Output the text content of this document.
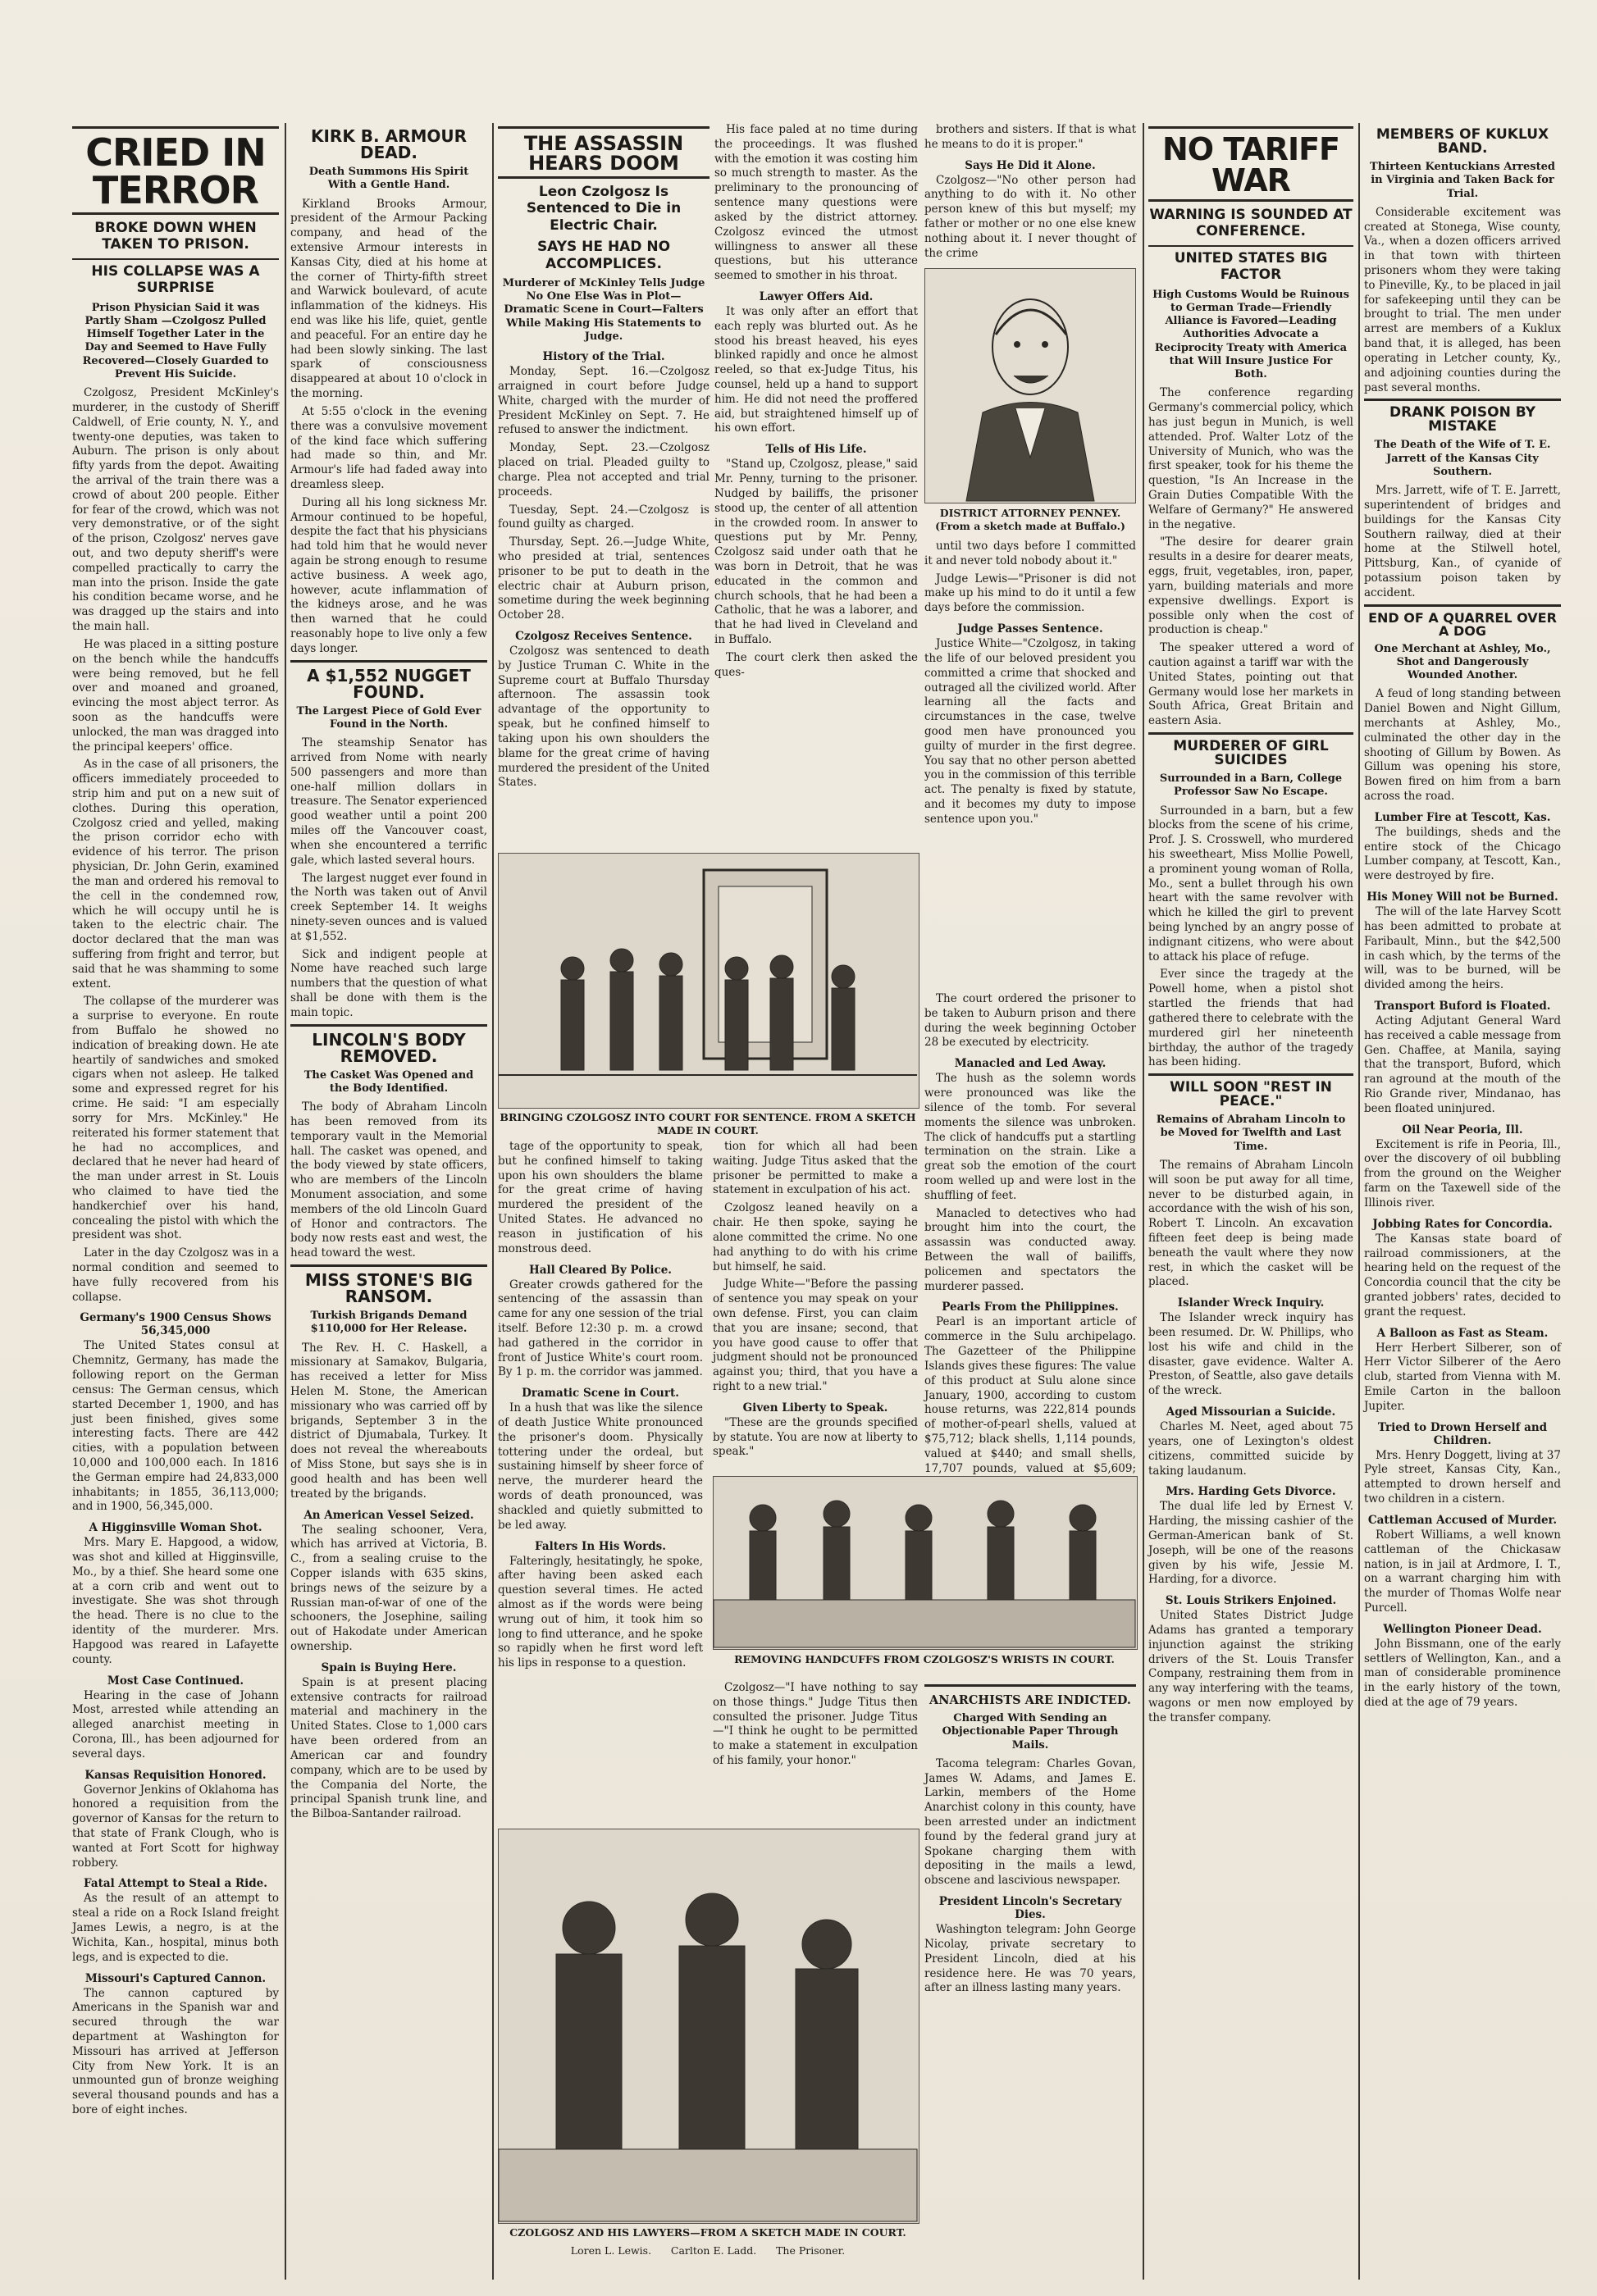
CRIED IN TERROR
BROKE DOWN WHEN TAKEN TO PRISON.
HIS COLLAPSE WAS A SURPRISE
Prison Physician Said it was Partly Sham —Czolgosz Pulled Himself Together Later in the Day and Seemed to Have Fully Recovered—Closely Guarded to Prevent His Suicide.

Czolgosz, President McKinley's murderer, in the custody of Sheriff Caldwell, of Erie county, N. Y., and twenty-one deputies, was taken to Auburn. The prison is only about fifty yards from the depot. Awaiting the arrival of the train there was a crowd of about 200 people. Either for fear of the crowd, which was not very demonstrative, or of the sight of the prison, Czolgosz' nerves gave out, and two deputy sheriff's were compelled practically to carry the man into the prison. Inside the gate his condition became worse, and he was dragged up the stairs and into the main hall.

He was placed in a sitting posture on the bench while the handcuffs were being removed, but he fell over and moaned and groaned, evincing the most abject terror. As soon as the handcuffs were unlocked, the man was dragged into the principal keepers' office.

As in the case of all prisoners, the officers immediately proceeded to strip him and put on a new suit of clothes. During this operation, Czolgosz cried and yelled, making the prison corridor echo with evidence of his terror. The prison physician, Dr. John Gerin, examined the man and ordered his removal to the cell in the condemned row, which he will occupy until he is taken to the electric chair. The doctor declared that the man was suffering from fright and terror, but said that he was shamming to some extent.

The collapse of the murderer was a surprise to everyone. En route from Buffalo he showed no indication of breaking down. He ate heartily of sandwiches and smoked cigars when not asleep. He talked some and expressed regret for his crime. He said: "I am especially sorry for Mrs. McKinley." He reiterated his former statement that he had no accomplices, and declared that he never had heard of the man under arrest in St. Louis who claimed to have tied the handkerchief over his hand, concealing the pistol with which the president was shot.

Later in the day Czolgosz was in a normal condition and seemed to have fully recovered from his collapse.

Germany's 1900 Census Shows 56,345,000

The United States consul at Chemnitz, Germany, has made the following report on the German census: The German census, which started December 1, 1900, and has just been finished, gives some interesting facts. There are 442 cities, with a population between 10,000 and 100,000 each. In 1816 the German empire had 24,833,000 inhabitants; in 1855, 36,113,000; and in 1900, 56,345,000.

A Higginsville Woman Shot.

Mrs. Mary E. Hapgood, a widow, was shot and killed at Higginsville, Mo., by a thief. She heard some one at a corn crib and went out to investigate. She was shot through the head. There is no clue to the identity of the murderer. Mrs. Hapgood was reared in Lafayette county.

Most Case Continued.

Hearing in the case of Johann Most, arrested while attending an alleged anarchist meeting in Corona, Ill., has been adjourned for several days.

Kansas Requisition Honored.

Governor Jenkins of Oklahoma has honored a requisition from the governor of Kansas for the return to that state of Frank Clough, who is wanted at Fort Scott for highway robbery.

Fatal Attempt to Steal a Ride.

As the result of an attempt to steal a ride on a Rock Island freight James Lewis, a negro, is at the Wichita, Kan., hospital, minus both legs, and is expected to die.

Missouri's Captured Cannon.

The cannon captured by Americans in the Spanish war and secured through the war department at Washington for Missouri has arrived at Jefferson City from New York. It is an unmounted gun of bronze weighing several thousand pounds and has a bore of eight inches.

KIRK B. ARMOUR DEAD.
Death Summons His Spirit With a Gentle Hand.

Kirkland Brooks Armour, president of the Armour Packing company, and head of the extensive Armour interests in Kansas City, died at his home at the corner of Thirty-fifth street and Warwick boulevard, of acute inflammation of the kidneys. His end was like his life, quiet, gentle and peaceful. For an entire day he had been slowly sinking. The last spark of consciousness disappeared at about 10 o'clock in the morning.

At 5:55 o'clock in the evening there was a convulsive movement of the kind face which suffering had made so thin, and Mr. Armour's life had faded away into dreamless sleep.

During all his long sickness Mr. Armour continued to be hopeful, despite the fact that his physicians had told him that he would never again be strong enough to resume active business. A week ago, however, acute inflammation of the kidneys arose, and he was then warned that he could reasonably hope to live only a few days longer.

A $1,552 NUGGET FOUND.
The Largest Piece of Gold Ever Found in the North.

The steamship Senator has arrived from Nome with nearly 500 passengers and more than one-half million dollars in treasure. The Senator experienced good weather until a point 200 miles off the Vancouver coast, when she encountered a terrific gale, which lasted several hours.

The largest nugget ever found in the North was taken out of Anvil creek September 14. It weighs ninety-seven ounces and is valued at $1,552.

Sick and indigent people at Nome have reached such large numbers that the question of what shall be done with them is the main topic.

LINCOLN'S BODY REMOVED.
The Casket Was Opened and the Body Identified.

The body of Abraham Lincoln has been removed from its temporary vault in the Memorial hall. The casket was opened, and the body viewed by state officers, who are members of the Lincoln Monument association, and some members of the old Lincoln Guard of Honor and contractors. The body now rests east and west, the head toward the west.

MISS STONE'S BIG RANSOM.
Turkish Brigands Demand $110,000 for Her Release.

The Rev. H. C. Haskell, a missionary at Samakov, Bulgaria, has received a letter for Miss Helen M. Stone, the American missionary who was carried off by brigands, September 3 in the district of Djumabala, Turkey. It does not reveal the whereabouts of Miss Stone, but says she is in good health and has been well treated by the brigands.

An American Vessel Seized.

The sealing schooner, Vera, which has arrived at Victoria, B. C., from a sealing cruise to the Copper islands with 635 skins, brings news of the seizure by a Russian man-of-war of one of the schooners, the Josephine, sailing out of Hakodate under American ownership.

Spain is Buying Here.

Spain is at present placing extensive contracts for railroad material and machinery in the United States. Close to 1,000 cars have been ordered from an American car and foundry company, which are to be used by the Compania del Norte, the principal Spanish trunk line, and the Bilboa-Santander railroad.

THE ASSASSIN HEARS DOOM
Leon Czolgosz Is Sentenced to Die in Electric Chair.
SAYS HE HAD NO ACCOMPLICES.
Murderer of McKinley Tells Judge No One Else Was in Plot—Dramatic Scene in Court—Falters While Making His Statements to Judge.
History of the Trial.

Monday, Sept. 16.—Czolgosz arraigned in court before Judge White, charged with the murder of President McKinley on Sept. 7. He refused to answer the indictment.

Monday, Sept. 23.—Czolgosz placed on trial. Pleaded guilty to charge. Plea not accepted and trial proceeds.

Tuesday, Sept. 24.—Czolgosz is found guilty as charged.

Thursday, Sept. 26.—Judge White, who presided at trial, sentences prisoner to be put to death in the electric chair at Auburn prison, sometime during the week beginning October 28.

Czolgosz Receives Sentence.

Czolgosz was sentenced to death by Justice Truman C. White in the Supreme court at Buffalo Thursday afternoon. The assassin took advantage of the opportunity to speak, but he confined himself to taking upon his own shoulders the blame for the great crime of having murdered the president of the United States.

His face paled at no time during the proceedings. It was flushed with the emotion it was costing him so much strength to master. As the preliminary to the pronouncing of sentence many questions were asked by the district attorney. Czolgosz evinced the utmost willingness to answer all these questions, but his utterance seemed to smother in his throat.

Lawyer Offers Aid.

It was only after an effort that each reply was blurted out. As he stood his breast heaved, his eyes blinked rapidly and once he almost reeled, so that ex-Judge Titus, his counsel, held up a hand to support him. He did not need the proffered aid, but straightened himself up of his own effort.

Tells of His Life.

"Stand up, Czolgosz, please," said Mr. Penny, turning to the prisoner. Nudged by bailiffs, the prisoner stood up, the center of all attention in the crowded room. In answer to questions put by Mr. Penny, Czolgosz said under oath that he was born in Detroit, that he was educated in the common and church schools, that he had been a Catholic, that he was a laborer, and that he had lived in Cleveland and in Buffalo.

The court clerk then asked the ques-

brothers and sisters. If that is what he means to do it is proper."

Says He Did it Alone.

Czolgosz—"No other person had anything to do with it. No other person knew of this but myself; my father or mother or no one else knew nothing about it. I never thought of the crime

DISTRICT ATTORNEY PENNEY. (From a sketch made at Buffalo.)

until two days before I committed it and never told nobody about it."

Judge Lewis—"Prisoner is did not make up his mind to do it until a few days before the commission.

Judge Passes Sentence.

Justice White—"Czolgosz, in taking the life of our beloved president you committed a crime that shocked and outraged all the civilized world. After learning all the facts and circumstances in the case, twelve good men have pronounced you guilty of murder in the first degree. You say that no other person abetted you in the commission of this terrible act. The penalty is fixed by statute, and it becomes my duty to impose sentence upon you."

BRINGING CZOLGOSZ INTO COURT FOR SENTENCE. FROM A SKETCH MADE IN COURT.

The court ordered the prisoner to be taken to Auburn prison and there during the week beginning October 28 be executed by electricity.

Manacled and Led Away.

The hush as the solemn words were pronounced was like the silence of the tomb. For several moments the silence was unbroken. The click of handcuffs put a startling termination on the strain. Like a great sob the emotion of the court room welled up and were lost in the shuffling of feet.

Manacled to detectives who had brought him into the court, the assassin was conducted away. Between the wall of bailiffs, policemen and spectators the murderer passed.

Pearls From the Philippines.

Pearl is an important article of commerce in the Sulu archipelago. The Gazetteer of the Philippine Islands gives these figures: The value of this product at Sulu alone since January, 1900, according to custom house returns, was 222,814 pounds of mother-of-pearl shells, valued at $75,712; black shells, 1,114 pounds, valued at $440; and small shells, 17,707 pounds, valued at $5,609;

tage of the opportunity to speak, but he confined himself to taking upon his own shoulders the blame for the great crime of having murdered the president of the United States. He advanced no reason in justification of his monstrous deed.

Hall Cleared By Police.

Greater crowds gathered for the sentencing of the assassin than came for any one session of the trial itself. Before 12:30 p. m. a crowd had gathered in the corridor in front of Justice White's court room. By 1 p. m. the corridor was jammed.

Dramatic Scene in Court.

In a hush that was like the silence of death Justice White pronounced the prisoner's doom. Physically tottering under the ordeal, but sustaining himself by sheer force of nerve, the murderer heard the words of death pronounced, was shackled and quietly submitted to be led away.

Falters In His Words.

Falteringly, hesitatingly, he spoke, after having been asked each question several times. He acted almost as if the words were being wrung out of him, it took him so long to find utterance, and he spoke so rapidly when he first word left his lips in response to a question.

tion for which all had been waiting. Judge Titus asked that the prisoner be permitted to make a statement in exculpation of his act.

Czolgosz leaned heavily on a chair. He then spoke, saying he alone committed the crime. No one had anything to do with his crime but himself, he said.

Judge White—"Before the passing of sentence you may speak on your own defense. First, you can claim that you are insane; second, that you have good cause to offer that judgment should not be pronounced against you; third, that you have a right to a new trial."

Given Liberty to Speak.

"These are the grounds specified by statute. You are now at liberty to speak."

REMOVING HANDCUFFS FROM CZOLGOSZ'S WRISTS IN COURT.

Czolgosz—"I have nothing to say on those things." Judge Titus then consulted the prisoner. Judge Titus—"I think he ought to be permitted to make a statement in exculpation of his family, your honor."

ANARCHISTS ARE INDICTED.
Charged With Sending an Objectionable Paper Through Mails.

Tacoma telegram: Charles Govan, James W. Adams, and James E. Larkin, members of the Home Anarchist colony in this county, have been arrested under an indictment found by the federal grand jury at Spokane charging them with depositing in the mails a lewd, obscene and lascivious newspaper.

President Lincoln's Secretary Dies.

Washington telegram: John George Nicolay, private secretary to President Lincoln, died at his residence here. He was 70 years, after an illness lasting many years.

CZOLGOSZ AND HIS LAWYERS—FROM A SKETCH MADE IN COURT.
Loren L. Lewis.      Carlton E. Ladd.      The Prisoner.
NO TARIFF WAR
WARNING IS SOUNDED AT CONFERENCE.
UNITED STATES BIG FACTOR
High Customs Would be Ruinous to German Trade—Friendly Alliance is Favored—Leading Authorities Advocate a Reciprocity Treaty with America that Will Insure Justice For Both.

The conference regarding Germany's commercial policy, which has just begun in Munich, is well attended. Prof. Walter Lotz of the University of Munich, who was the first speaker, took for his theme the question, "Is An Increase in the Grain Duties Compatible With the Welfare of Germany?" He answered in the negative.

"The desire for dearer grain results in a desire for dearer meats, eggs, fruit, vegetables, iron, paper, yarn, building materials and more expensive dwellings. Export is possible only when the cost of production is cheap."

The speaker uttered a word of caution against a tariff war with the United States, pointing out that Germany would lose her markets in South Africa, Great Britain and eastern Asia.

MURDERER OF GIRL SUICIDES
Surrounded in a Barn, College Professor Saw No Escape.

Surrounded in a barn, but a few blocks from the scene of his crime, Prof. J. S. Crosswell, who murdered his sweetheart, Miss Mollie Powell, a prominent young woman of Rolla, Mo., sent a bullet through his own heart with the same revolver with which he killed the girl to prevent being lynched by an angry posse of indignant citizens, who were about to attack his place of refuge.

Ever since the tragedy at the Powell home, when a pistol shot startled the friends that had gathered there to celebrate with the murdered girl her nineteenth birthday, the author of the tragedy has been hiding.

WILL SOON "REST IN PEACE."
Remains of Abraham Lincoln to be Moved for Twelfth and Last Time.

The remains of Abraham Lincoln will soon be put away for all time, never to be disturbed again, in accordance with the wish of his son, Robert T. Lincoln. An excavation fifteen feet deep is being made beneath the vault where they now rest, in which the casket will be placed.

Islander Wreck Inquiry.

The Islander wreck inquiry has been resumed. Dr. W. Phillips, who lost his wife and child in the disaster, gave evidence. Walter A. Preston, of Seattle, also gave details of the wreck.

Aged Missourian a Suicide.

Charles M. Neet, aged about 75 years, one of Lexington's oldest citizens, committed suicide by taking laudanum.

Mrs. Harding Gets Divorce.

The dual life led by Ernest V. Harding, the missing cashier of the German-American bank of St. Joseph, will be one of the reasons given by his wife, Jessie M. Harding, for a divorce.

St. Louis Strikers Enjoined.

United States District Judge Adams has granted a temporary injunction against the striking drivers of the St. Louis Transfer Company, restraining them from in any way interfering with the teams, wagons or men now employed by the transfer company.

MEMBERS OF KUKLUX BAND.
Thirteen Kentuckians Arrested in Virginia and Taken Back for Trial.

Considerable excitement was created at Stonega, Wise county, Va., when a dozen officers arrived in that town with thirteen prisoners whom they were taking to Pineville, Ky., to be placed in jail for safekeeping until they can be brought to trial. The men under arrest are members of a Kuklux band that, it is alleged, has been operating in Letcher county, Ky., and adjoining counties during the past several months.

DRANK POISON BY MISTAKE
The Death of the Wife of T. E. Jarrett of the Kansas City Southern.

Mrs. Jarrett, wife of T. E. Jarrett, superintendent of bridges and buildings for the Kansas City Southern railway, died at their home at the Stilwell hotel, Pittsburg, Kan., of cyanide of potassium poison taken by accident.

END OF A QUARREL OVER A DOG
One Merchant at Ashley, Mo., Shot and Dangerously Wounded Another.

A feud of long standing between Daniel Bowen and Night Gillum, merchants at Ashley, Mo., culminated the other day in the shooting of Gillum by Bowen. As Gillum was opening his store, Bowen fired on him from a barn across the road.

Lumber Fire at Tescott, Kas.

The buildings, sheds and the entire stock of the Chicago Lumber company, at Tescott, Kan., were destroyed by fire.

His Money Will not be Burned.

The will of the late Harvey Scott has been admitted to probate at Faribault, Minn., but the $42,500 in cash which, by the terms of the will, was to be burned, will be divided among the heirs.

Transport Buford is Floated.

Acting Adjutant General Ward has received a cable message from Gen. Chaffee, at Manila, saying that the transport, Buford, which ran aground at the mouth of the Rio Grande river, Mindanao, has been floated uninjured.

Oil Near Peoria, Ill.

Excitement is rife in Peoria, Ill., over the discovery of oil bubbling from the ground on the Weigher farm on the Taxewell side of the Illinois river.

Jobbing Rates for Concordia.

The Kansas state board of railroad commissioners, at the hearing held on the request of the Concordia council that the city be granted jobbers' rates, decided to grant the request.

A Balloon as Fast as Steam.

Herr Herbert Silberer, son of Herr Victor Silberer of the Aero club, started from Vienna with M. Emile Carton in the balloon Jupiter.

Tried to Drown Herself and Children.

Mrs. Henry Doggett, living at 37 Pyle street, Kansas City, Kan., attempted to drown herself and two children in a cistern.

Cattleman Accused of Murder.

Robert Williams, a well known cattleman of the Chickasaw nation, is in jail at Ardmore, I. T., on a warrant charging him with the murder of Thomas Wolfe near Purcell.

Wellington Pioneer Dead.

John Bissmann, one of the early settlers of Wellington, Kan., and a man of considerable prominence in the early history of the town, died at the age of 79 years.
